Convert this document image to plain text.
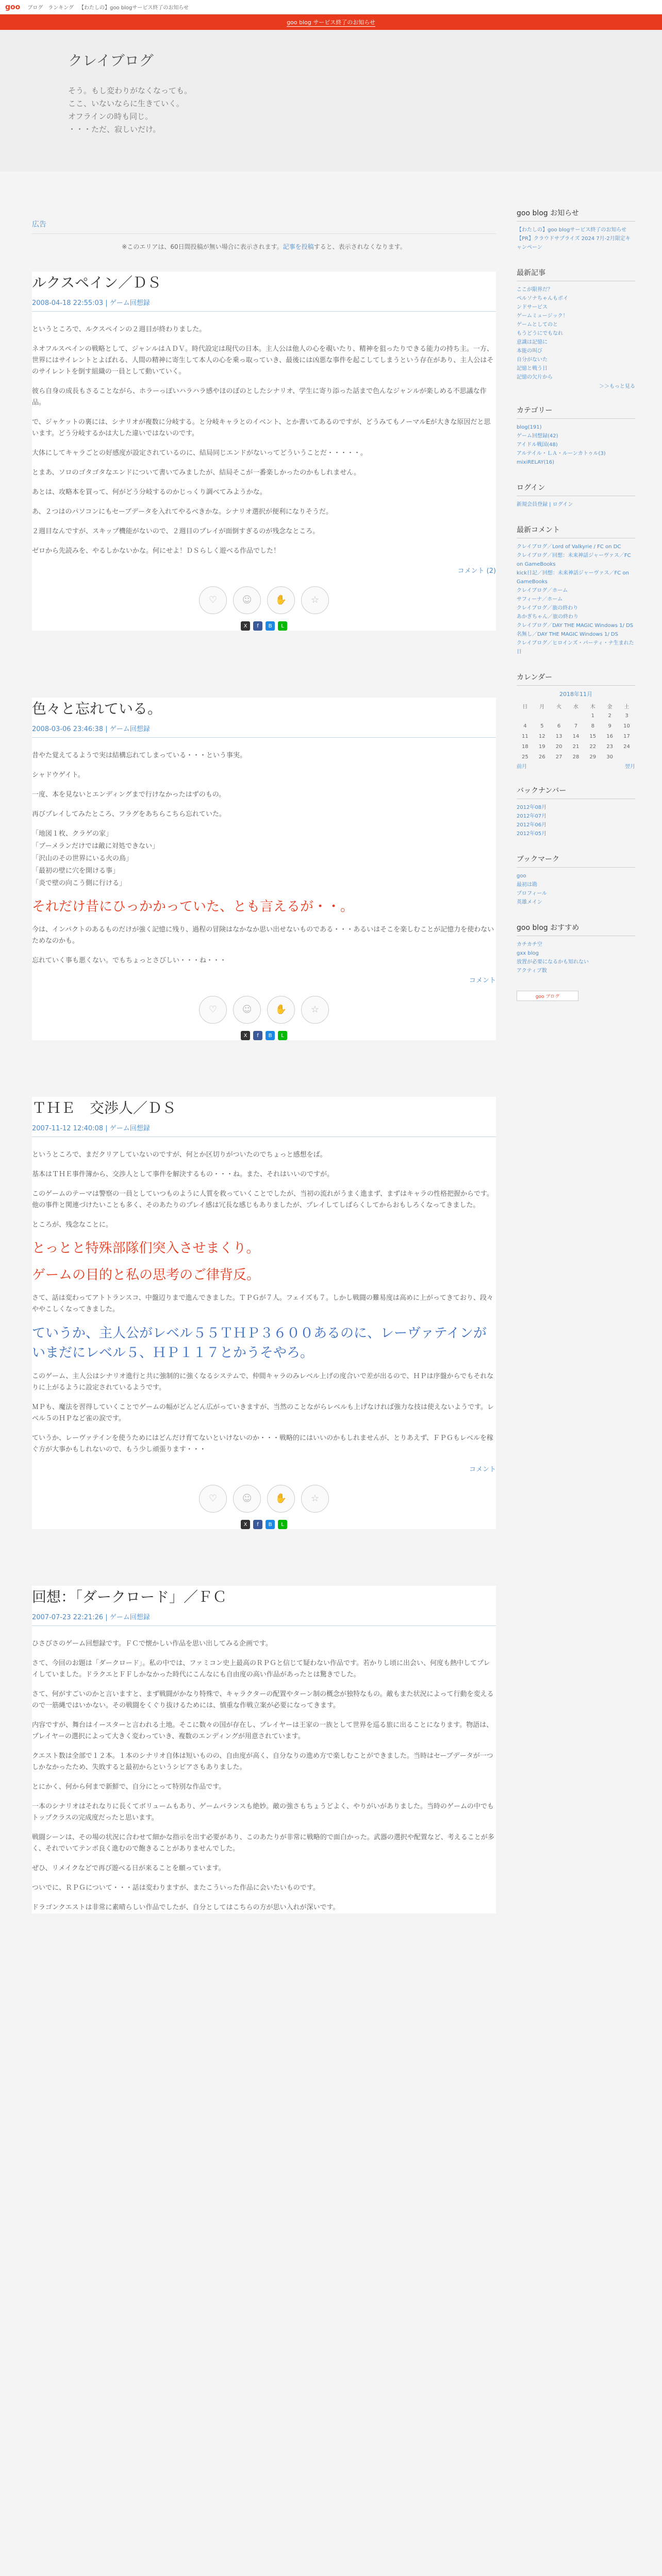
goo ブログ ランキング 【わたしの】goo blogサービス終了のお知らせ
goo blog サービス終了のお知らせ
クレイブログ
そう。もし変わりがなくなっても。
ここ、いないならに生きていく。
オフラインの時も同じ。
・・・ただ、寂しいだけ。
広告
※このエリアは、60日間投稿が無い場合に表示されます。記事を投稿すると、表示されなくなります。
ルクスペイン／ＤＳ
2008-04-18 22:55:03 | ゲーム回想録
というところで、ルクスペインの２週目が終わりました。
ネオフルスペインの戦略として、ジャンルはＡＤＶ。時代設定は現代の日本。主人公は他人の心を覗いたり、精神を狙ったりできる能力の持ち主。一方、世界にはサイレントとよばれる、人間の精神に寄生して本人の心を乗っ取っていき、最後には凶悪な事件を起こしてしまうという存在があり、主人公はそのサイレントを倒す組織の一員として動いていく。
彼ら自身の成長もさることながら、ホラーっぽいハラハラ感やほのぼのとしたシナリオ、学生に寄り添った話まで色んなジャンルが楽しめる不思議な作品。
で、ジャケットの裏には、シナリオが複数に分岐する。と分岐キャラとのイベント、とか書いてあるのですが、どうみてもノーマルEが大きな原因だと思います。どう分岐するかは大した違いではないのです。
大体にしてキャラごとの好感度が設定されているのに、結局同じエンドがないってどういうことだ・・・・・。
とまあ、ソロのゴタゴタなエンドについて書いてみましたが、結局そこが一番楽しかったのかもしれません。
あとは、攻略本を買って、何がどう分岐するのかじっくり調べてみようかな。
あ、２つはのパソコンにもセーブデータを入れてやるべきかな。シナリオ選択が便利になりそうだ。
２週目なんですが、スキップ機能がないので、２週目のプレイが面倒すぎるのが残念なところ。
ゼロから先読みを、やるしかないかな。何にせよ！ＤＳらしく遊べる作品でした！
コメント (2)
♡	☺	✋	☆
X	f	B	L
色々と忘れている。
2008-03-06 23:46:38 | ゲーム回想録
昔やた覚えてるようで実は結構忘れてしまっている・・・という事実。
シャドウゲイト。
一度、本を見ないとエンディングまで行けなかったはずのもの。
再びプレイしてみたところ、フラグをあちらこちら忘れていた。
「地図１枚、クラゲの家」
「ブーメランだけでは敵に対処できない」
「沢山のその世界にいる火の鳥」
「最初の壁に穴を開ける事」
「炎で壁の向こう側に行ける」
それだけ昔にひっかかっていた、とも言えるが・・。
今は、インパクトのあるものだけが強く記憶に残り、過程の冒険はなかなか思い出せないものである・・・あるいはそこを楽しむことが記憶力を使わないためなのかも。
忘れていく事も悪くない。でもちょっとさびしい・・・ね・・・
コメント
♡	☺	✋	☆
X	f	B	L
ＴＨＥ　交渉人／ＤＳ
2007-11-12 12:40:08 | ゲーム回想録
というところで、まだクリアしていないのですが、何とか区切りがついたのでちょっと感想をば。
基本はＴＨＥ事件簿から、交渉人として事件を解決するもの・・・ね。また、それはいいのですが。
このゲームのテーマは警察の一員としていつものように人質を救っていくことでしたが、当初の流れがうまく進まず、まずはキャラの性格把握からです。他の事件と関連づけたいことも多く、そのあたりのプレイ感は冗長な感じもありましたが、プレイしてしばらくしてからおもしろくなってきました。
ところが、残念なことに。
とっとと特殊部隊们突入させまくり。
ゲームの目的と私の思考のご律背反。
さて、話は変わってアトトランスコ、中盤辺りまで進んできました。ＴＰＧが７人。フェイズも７。しかし戦闘の難易度は高めに上がってきており、段々ややこしくなってきました。
ていうか、主人公がレベル５５ＴＨＰ３６００あるのに、レーヴァテインがいまだにレベル５、ＨＰ１１７とかうそやろ。
このゲーム、主人公はシナリオ進行と共に強制的に強くなるシステムで、仲間キャラのみレベル上げの度合いで差が出るので、ＨＰは序盤からでもそれなりに上がるように設定されているようです。
ＭＰも、魔法を習得していくことでゲームの幅がどんどん広がっていきますが、当然のことながらレベルも上げなければ強力な技は使えないようです。レベル５のＨＰなど雀の涙です。
ていうか、レーヴァテインを使うためにはどんだけ育てないといけないのか・・・戦略的にはいいのかもしれませんが、とりあえず、ＦＰＧもレベルを稼ぐ方が大事かもしれないので、もう少し頑張ります・・・
コメント
♡	☺	✋	☆
X	f	B	L
回想：「ダークロード」／ＦＣ
2007-07-23 22:21:26 | ゲーム回想録
ひさびさのゲーム回想録です。ＦＣで懐かしい作品を思い出してみる企画です。
さて、今回のお題は「ダークロード」。私の中では、ファミコン史上最高のＲＰＧと信じて疑わない作品です。若かりし頃に出会い、何度も熱中してプレイしていました。ドラクエとＦＦしかなかった時代にこんなにも自由度の高い作品があったとは驚きでした。
さて、何がすごいのかと言いますと、まず戦闘がかなり特殊で、キャラクターの配置やターン制の概念が独特なもの。敵もまた状況によって行動を変えるので一筋縄ではいかない。その戦闘をくぐり抜けるためには、慎重な作戦立案が必要になってきます。
内容ですが、舞台はイースターと言われる土地。そこに数々の国が存在し、プレイヤーは王家の一族として世界を巡る旅に出ることになります。物語は、プレイヤーの選択によって大きく変わっていき、複数のエンディングが用意されています。
クエスト数は全部で１２本。１本のシナリオ自体は短いものの、自由度が高く、自分なりの進め方で楽しむことができました。当時はセーブデータが一つしかなかったため、失敗すると最初からというシビアさもありました。
とにかく、何から何まで新鮮で、自分にとって特別な作品です。
一本のシナリオはそれなりに長くてボリュームもあり、ゲームバランスも絶妙。敵の強さもちょうどよく、やりがいがありました。当時のゲームの中でもトップクラスの完成度だったと思います。
戦闘シーンは、その場の状況に合わせて細かな指示を出す必要があり、このあたりが非常に戦略的で面白かった。武器の選択や配置など、考えることが多く、それでいてテンポ良く進むので飽きることがありませんでした。
ぜひ、リメイクなどで再び遊べる日が来ることを願っています。
ついでに、ＲＰＧについて・・・話は変わりますが、またこういった作品に会いたいものです。
ドラゴンクエストは非常に素晴らしい作品でしたが、自分としてはこちらの方が思い入れが深いです。
goo blog お知らせ
【わたしの】goo blogサービス終了のお知らせ
【PR】クラウドサプライズ 2024 7月-2月限定キャンペーン
最新記事
ここが限界だ？
ペルソナちゃんもポイ
ンドサービス
ゲームミュージック！
ゲームとしてのと
もうどうにでもなれ
意識は記憶に
本能の叫び
自分がないた
記憶と戦う日
記憶の欠片から
＞＞もっと見る
カテゴリー
blog(191)
ゲーム回想録(42)
アイドル戦国(48)
アルテイル・ＬＡ・ルーンカトゥル(3)
mixiRELAY(16)
ログイン
新規会員登録 | ログイン
最新コメント
クレイブログ／Lord of Valkyrie / FC on DC
クレイブログ／回想：未来神話ジャーヴァス／FC on GameBooks
kick日記／回想：未来神話ジャーヴァス／FC on GameBooks
クレイブログ／ホーム
サフィーナ／ホーム
クレイブログ／旅の終わり
あかぎちゃん／旅の終わり
クレイブログ／DAY THE MAGIC Windows 1/ DS
名無し／DAY THE MAGIC Windows 1/ DS
クレイブログ／ヒロインズ・パーティ・ナ生まれた日
カレンダー
2018年11月
日	月	火	水	木	金	土
				1	2	3
4	5	6	7	8	9	10
11	12	13	14	15	16	17
18	19	20	21	22	23	24
25	26	27	28	29	30	
前月	翌月
バックナンバー
2012年08月
2012年07月
2012年06月
2012年05月
ブックマーク
goo
最初は勘
プロフィール
英雄メイン
goo blog おすすめ
カチカチ空
gxx blog
放置が必要になるかも知れない
アクティブ数
goo ブログ
